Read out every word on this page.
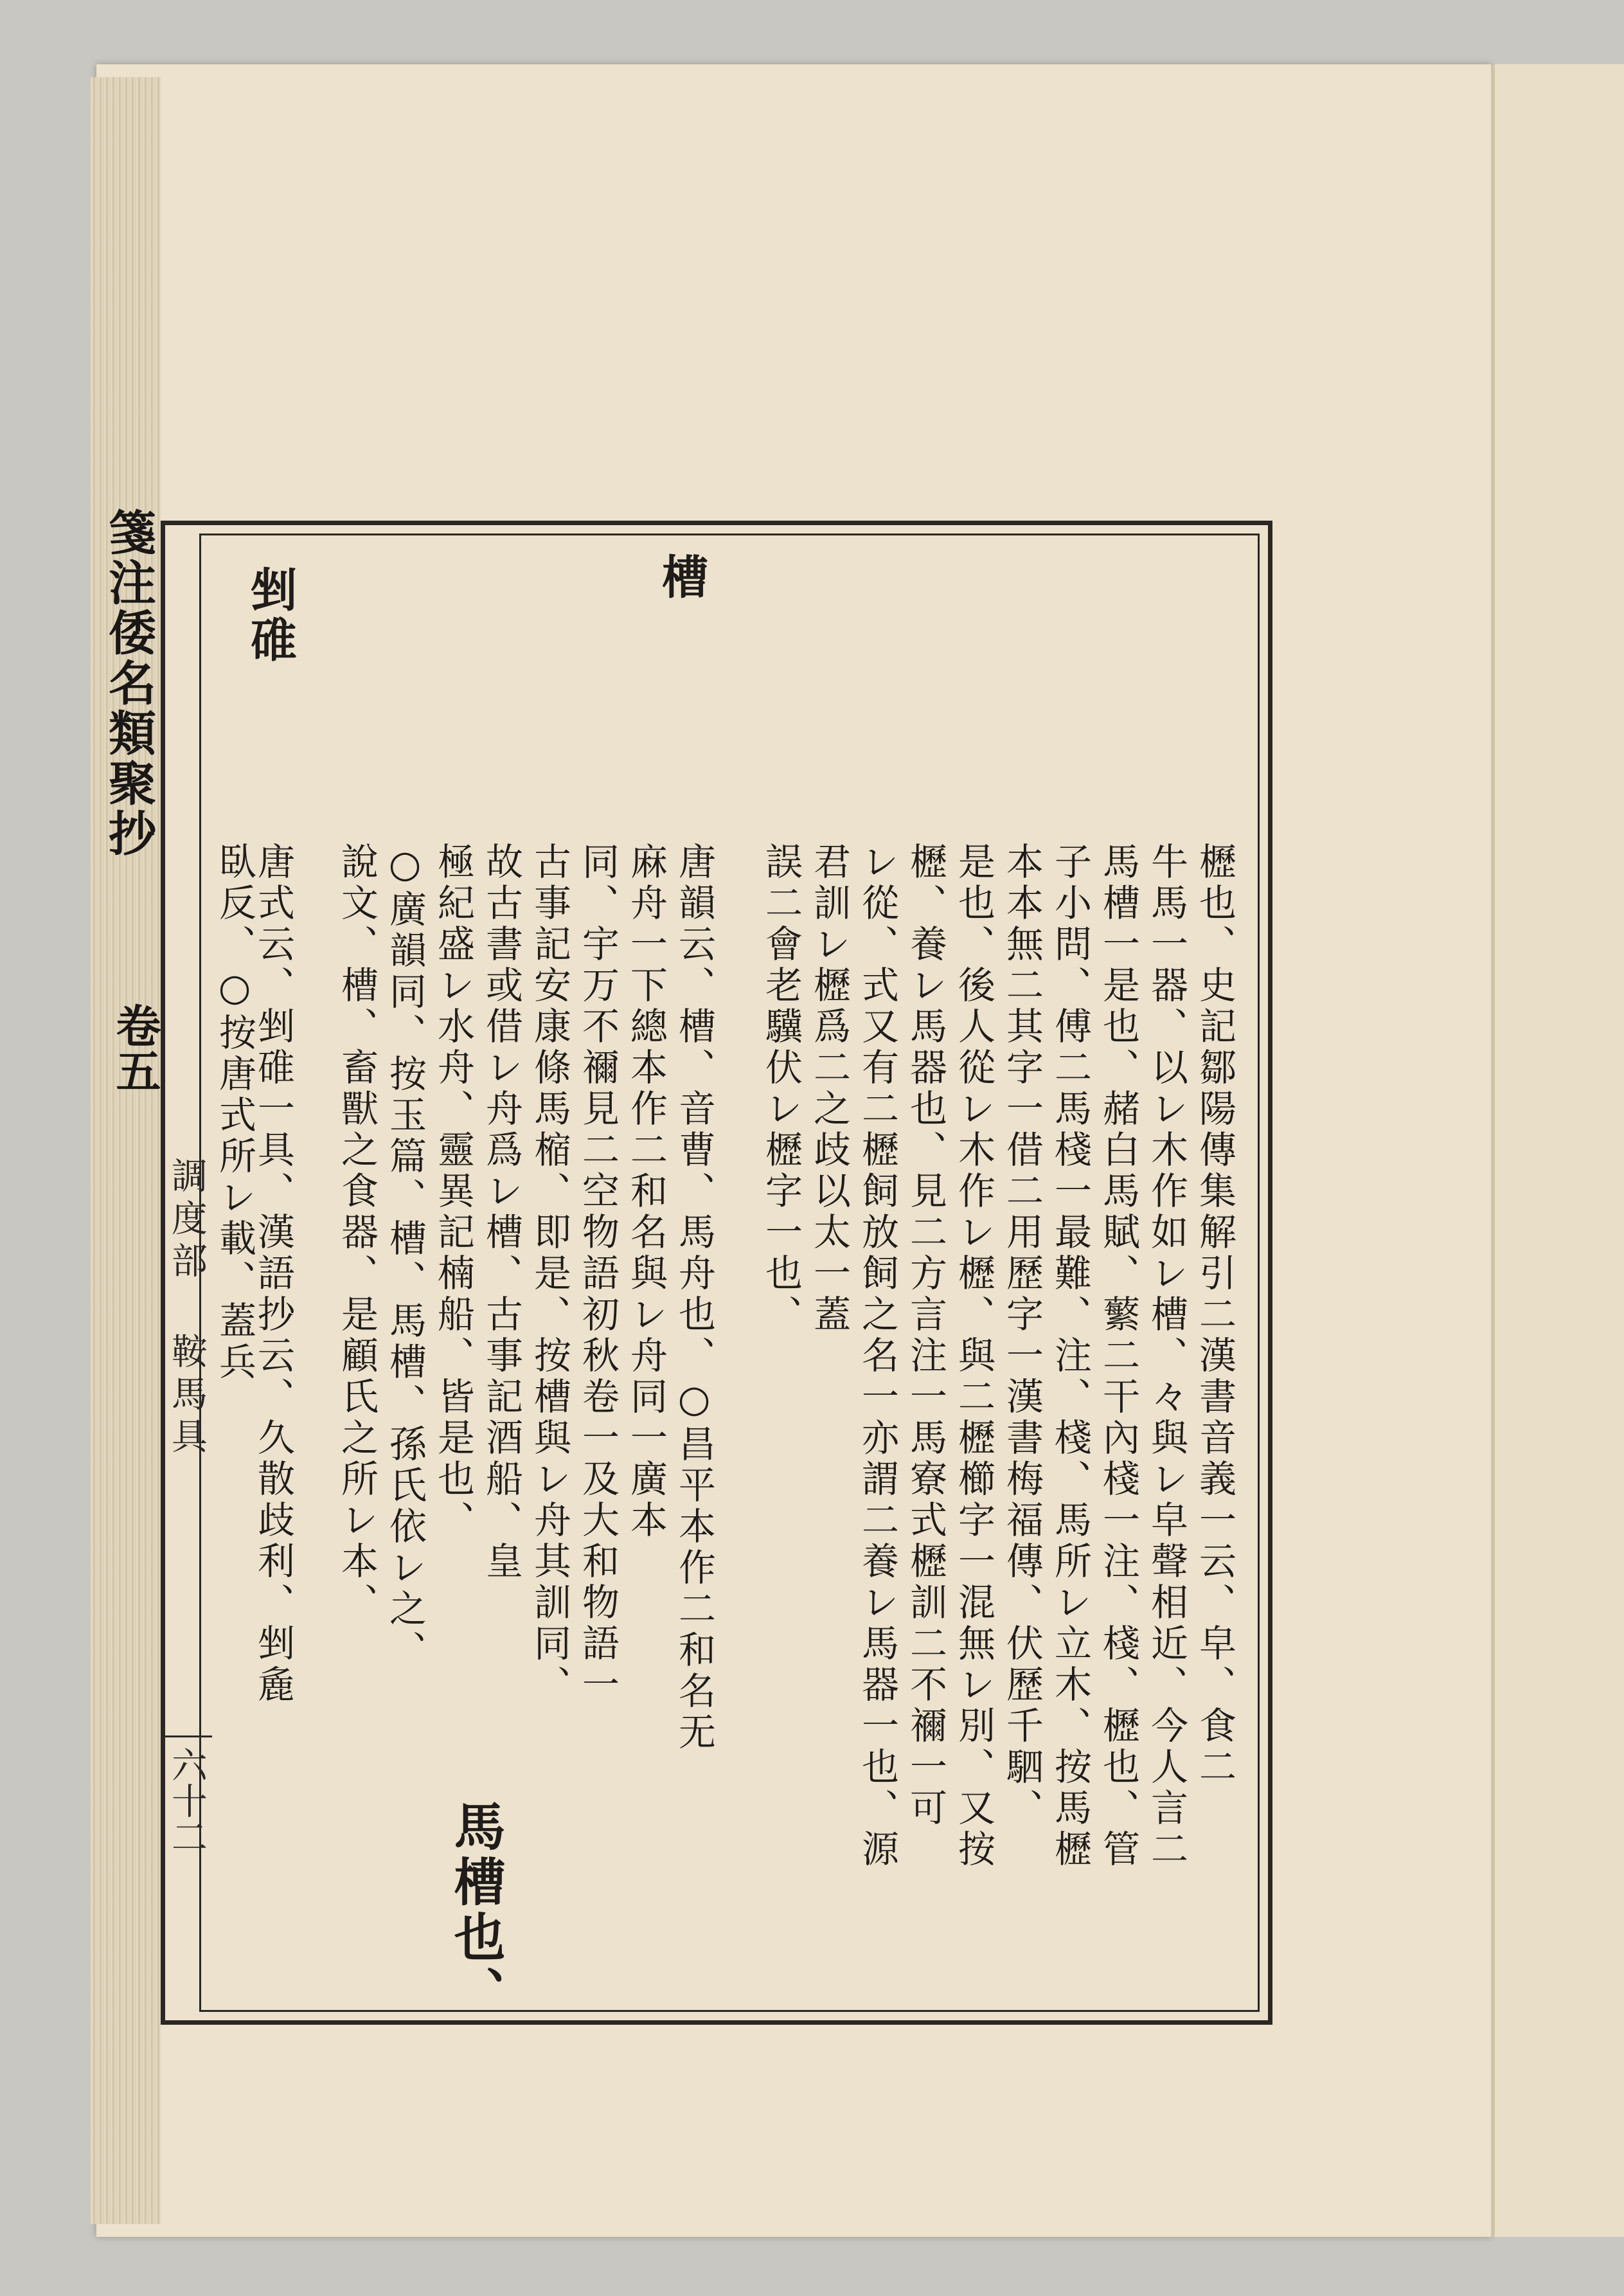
箋注倭名類聚抄
卷五
調度部 鞍馬具
六十二
槽
剉碓
櫪也、史記鄒陽傳集解引二漢書音義一云、皁、食二
牛馬一器、以レ木作如レ槽、々與レ皁聲相近、今人言二
馬槽一是也、赭白馬賦、蘩二干內棧一注、棧、櫪也、管
子小問、傅二馬棧一最難、注、棧、馬所レ立木、按馬櫪
本本無二其字一借二用歷字一漢書梅福傳、伏歷千駟、
是也、後人從レ木作レ櫪、與二櫪櫛字一混無レ別、又按
櫪、養レ馬器也、見二方言注一馬寮式櫪訓二不禰一可
レ從、式又有二櫪飼放飼之名一亦謂二養レ馬器一也、源
君訓レ櫪爲二之歧以太一蓋
誤二會老驥伏レ櫪字一也、
唐韻云、槽、音曹、馬舟也、○昌平本作二和名无
麻舟一下總本作二和名與レ舟同一廣本
同、宇万不禰見二空物語初秋卷一及大和物語一
古事記安康條馬樎、即是、按槽與レ舟其訓同、
故古書或借レ舟爲レ槽、古事記酒船、皇
極紀盛レ水舟、靈異記楠船、皆是也、
○廣韻同、按玉篇、槽、馬槽、孫氏依レ之、
說文、槽、畜獸之食器、是顧氏之所レ本、
唐式云、剉碓一具、漢語抄云、久散歧利、剉麁
臥反、○按唐式所レ載、蓋兵
馬槽也、
